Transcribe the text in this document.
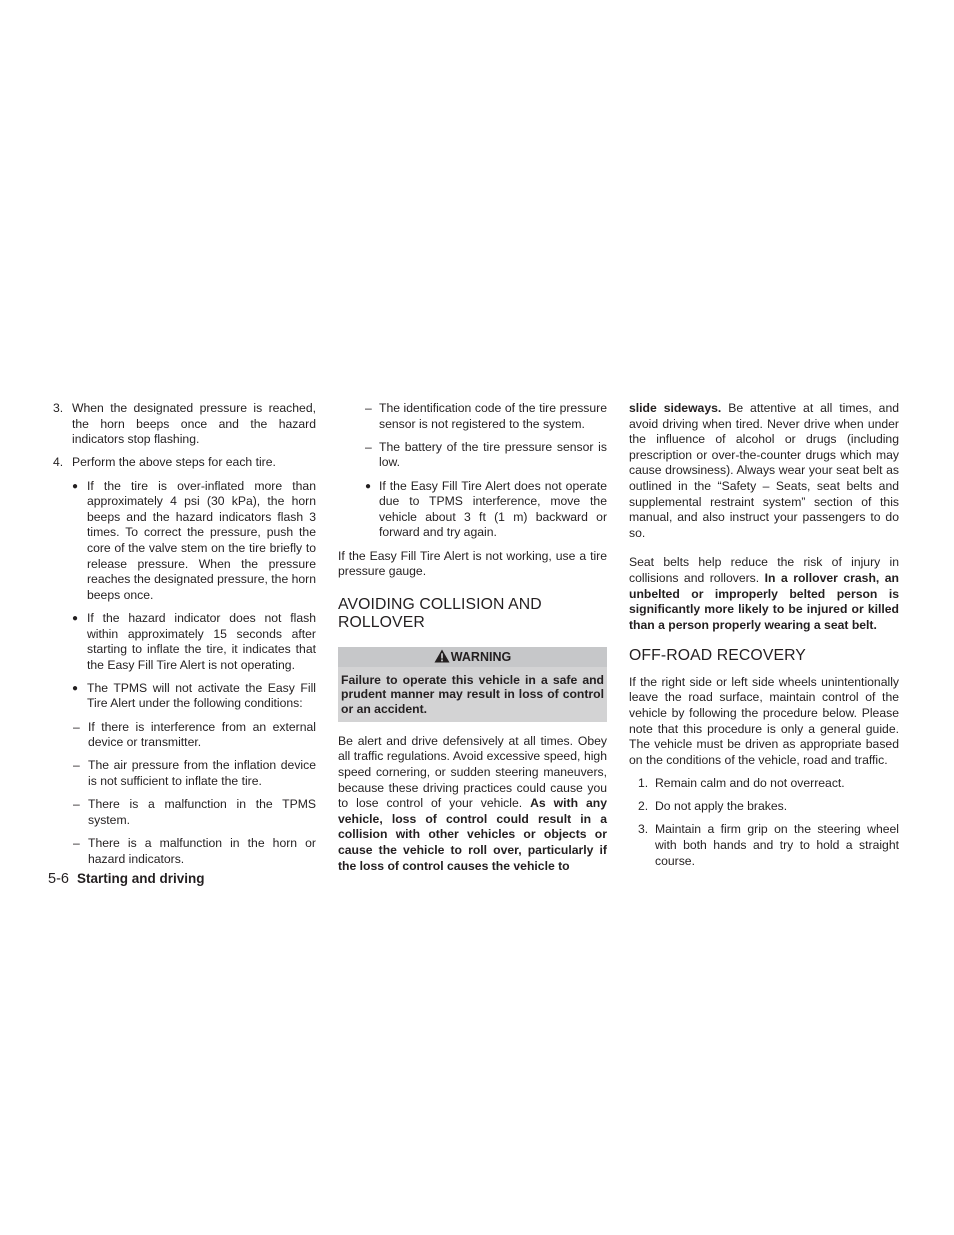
3. When the designated pressure is reached, the horn beeps once and the hazard indicators stop flashing.
4. Perform the above steps for each tire.
● If the tire is over-inflated more than approximately 4 psi (30 kPa), the horn beeps and the hazard indicators flash 3 times. To correct the pressure, push the core of the valve stem on the tire briefly to release pressure. When the pressure reaches the designated pressure, the horn beeps once.
● If the hazard indicator does not flash within approximately 15 seconds after starting to inflate the tire, it indicates that the Easy Fill Tire Alert is not operating.
● The TPMS will not activate the Easy Fill Tire Alert under the following conditions:
– If there is interference from an external device or transmitter.
– The air pressure from the inflation device is not sufficient to inflate the tire.
– There is a malfunction in the TPMS system.
– There is a malfunction in the horn or hazard indicators.
– The identification code of the tire pressure sensor is not registered to the system.
– The battery of the tire pressure sensor is low.
● If the Easy Fill Tire Alert does not operate due to TPMS interference, move the vehicle about 3 ft (1 m) backward or forward and try again.

If the Easy Fill Tire Alert is not working, use a tire pressure gauge.

AVOIDING COLLISION AND ROLLOVER
WARNING
Failure to operate this vehicle in a safe and prudent manner may result in loss of control or an accident.

Be alert and drive defensively at all times. Obey all traffic regulations. Avoid excessive speed, high speed cornering, or sudden steering maneuvers, because these driving practices could cause you to lose control of your vehicle. As with any vehicle, loss of control could result in a collision with other vehicles or objects or cause the vehicle to roll over, particularly if the loss of control causes the vehicle to

slide sideways. Be attentive at all times, and avoid driving when tired. Never drive when under the influence of alcohol or drugs (including prescription or over-the-counter drugs which may cause drowsiness). Always wear your seat belt as outlined in the “Safety – Seats, seat belts and supplemental restraint system” section of this manual, and also instruct your passengers to do so.

Seat belts help reduce the risk of injury in collisions and rollovers. In a rollover crash, an unbelted or improperly belted person is significantly more likely to be injured or killed than a person properly wearing a seat belt.

OFF-ROAD RECOVERY

If the right side or left side wheels unintentionally leave the road surface, maintain control of the vehicle by following the procedure below. Please note that this procedure is only a general guide. The vehicle must be driven as appropriate based on the conditions of the vehicle, road and traffic.

1. Remain calm and do not overreact.
2. Do not apply the brakes.
3. Maintain a firm grip on the steering wheel with both hands and try to hold a straight course.
5-6 Starting and driving
